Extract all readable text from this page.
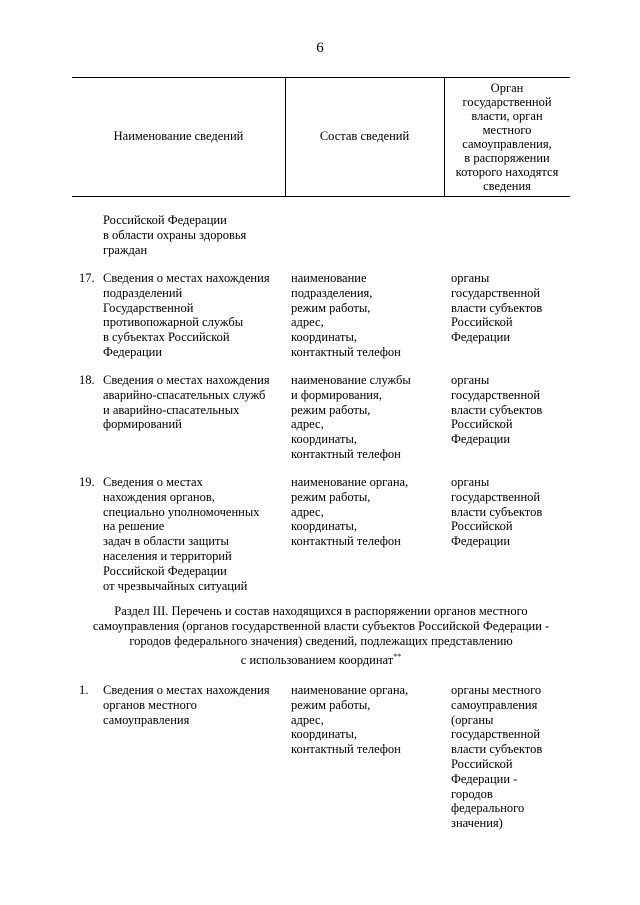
6
Наименование сведений	Состав сведений
Орган
государственной
власти, орган
местного
самоуправления,
в распоряжении
которого находятся
сведения
Российской Федерации
в области охраны здоровья
граждан
17. Сведения о местах нахождения
подразделений
Государственной
противопожарной службы
в субъектах Российской
Федерации
наименование
подразделения,
режим работы,
адрес,
координаты,
контактный телефон
органы
государственной
власти субъектов
Российской
Федерации
18. Сведения о местах нахождения
аварийно-спасательных служб
и аварийно-спасательных
формирований
наименование службы
и формирования,
режим работы,
адрес,
координаты,
контактный телефон
органы
государственной
власти субъектов
Российской
Федерации
19. Сведения о местах
нахождения органов,
специально уполномоченных
на решение
задач в области защиты
населения и территорий
Российской Федерации
от чрезвычайных ситуаций
наименование органа,
режим работы,
адрес,
координаты,
контактный телефон
органы
государственной
власти субъектов
Российской
Федерации
Раздел III. Перечень и состав находящихся в распоряжении органов местного
самоуправления (органов государственной власти субъектов Российской Федерации -
городов федерального значения) сведений, подлежащих представлению
с использованием координат**
1. Сведения о местах нахождения
органов местного
самоуправления
наименование органа,
режим работы,
адрес,
координаты,
контактный телефон
органы местного
самоуправления
(органы
государственной
власти субъектов
Российской
Федерации -
городов
федерального
значения)
